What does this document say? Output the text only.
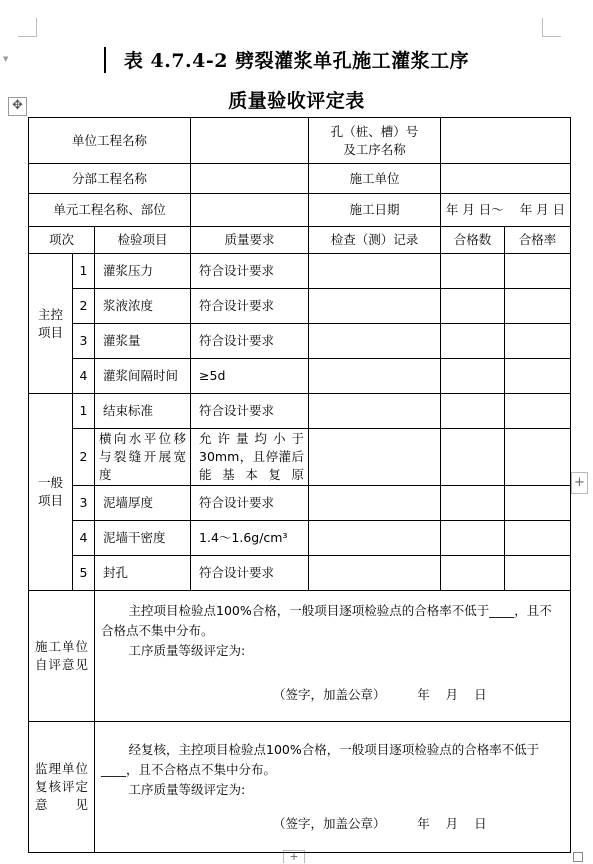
▼	表 4.7.4-2 劈裂灌浆单孔施工灌浆工序
质量验收评定表
✥
+
+
单位工程名称				孔（桩、槽）号
及工序名称		

分部工程名称				施工单位		
单元工程名称、部位				施工日期	年 月 日～    年 月 日	
项次		检验项目	质量要求	检查（测）记录	合格数	合格率

主控
项目	1	灌浆压力	符合设计要求			
	2	浆液浓度	符合设计要求			
	3	灌浆量	符合设计要求			
	4	灌浆间隔时间	≥5d			

一般
项目	1	结束标准	符合设计要求			
	2	横向水平位移与裂缝开展宽度	允许量均小于30mm，且停灌后能基本复原			
	3	泥墙厚度	符合设计要求			
	4	泥墙干密度	1.4～1.6g/cm³			
	5	封孔	符合设计要求			
施工单位自评意见		主控项目检验点100%合格，一般项目逐项检验点的合格率不低于____，且不合格点不集中分布。

工序质量等级评定为:

（签字，加盖公章）        年    月    日				

监理单位复核评定意见		经复核，主控项目检验点100%合格，一般项目逐项检验点的合格率不低于____，且不合格点不集中分布。

工序质量等级评定为:

（签字，加盖公章）        年    月    日				
